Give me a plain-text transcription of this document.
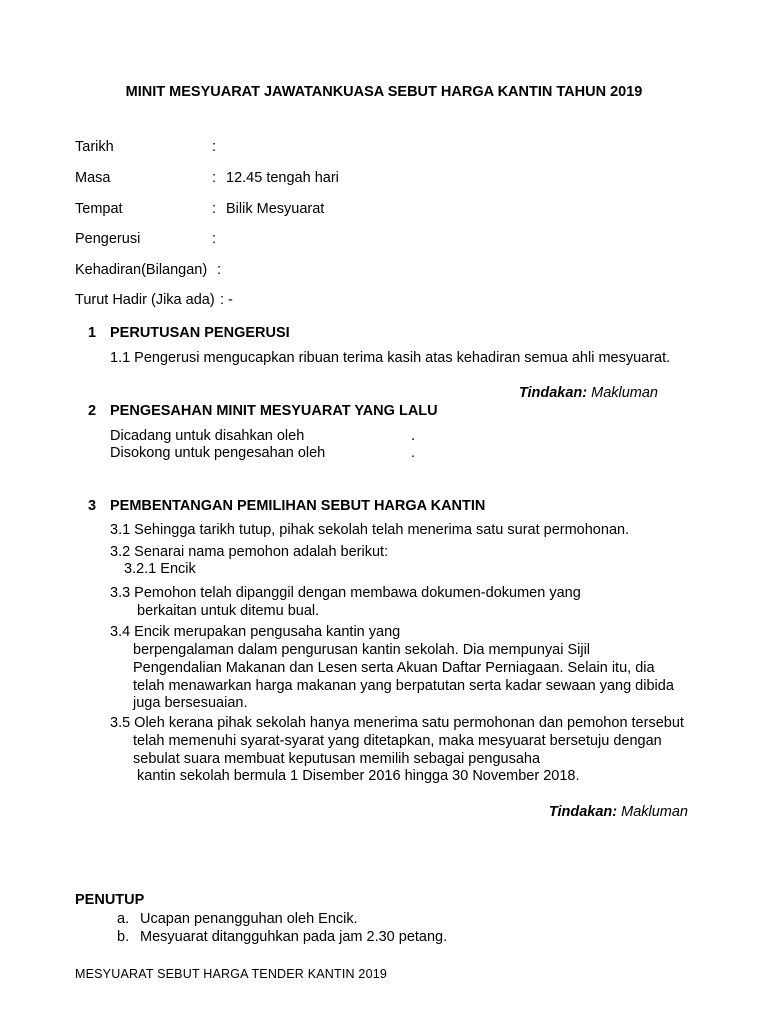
MINIT MESYUARAT JAWATANKUASA SEBUT HARGA KANTIN TAHUN 2019
Tarikh	:
Masa	: 12.45 tengah hari
Tempat	: Bilik Mesyuarat
Pengerusi	:
Kehadiran(Bilangan) :
Turut Hadir (Jika ada) : -
1 PERUTUSAN PENGERUSI
1.1 Pengerusi mengucapkan ribuan terima kasih atas kehadiran semua ahli mesyuarat.
Tindakan: Makluman
2 PENGESAHAN MINIT MESYUARAT YANG LALU
Dicadang untuk disahkan oleh	.
Disokong untuk pengesahan oleh	.
3 PEMBENTANGAN PEMILIHAN SEBUT HARGA KANTIN
3.1 Sehingga tarikh tutup, pihak sekolah telah menerima satu surat permohonan.
3.2 Senarai nama pemohon adalah berikut:
3.2.1 Encik
3.3 Pemohon telah dipanggil dengan membawa dokumen-dokumen yang
berkaitan untuk ditemu bual.
3.4 Encik merupakan pengusaha kantin yang
berpengalaman dalam pengurusan kantin sekolah. Dia mempunyai Sijil
Pengendalian Makanan dan Lesen serta Akuan Daftar Perniagaan. Selain itu, dia
telah menawarkan harga makanan yang berpatutan serta kadar sewaan yang dibida
juga bersesuaian.
3.5 Oleh kerana pihak sekolah hanya menerima satu permohonan dan pemohon tersebut
telah memenuhi syarat-syarat yang ditetapkan, maka mesyuarat bersetuju dengan
sebulat suara membuat keputusan memilih sebagai pengusaha
kantin sekolah bermula 1 Disember 2016 hingga 30 November 2018.
Tindakan: Makluman
PENUTUP
a. Ucapan penangguhan oleh Encik.
b. Mesyuarat ditangguhkan pada jam 2.30 petang.
MESYUARAT SEBUT HARGA TENDER KANTIN 2019
